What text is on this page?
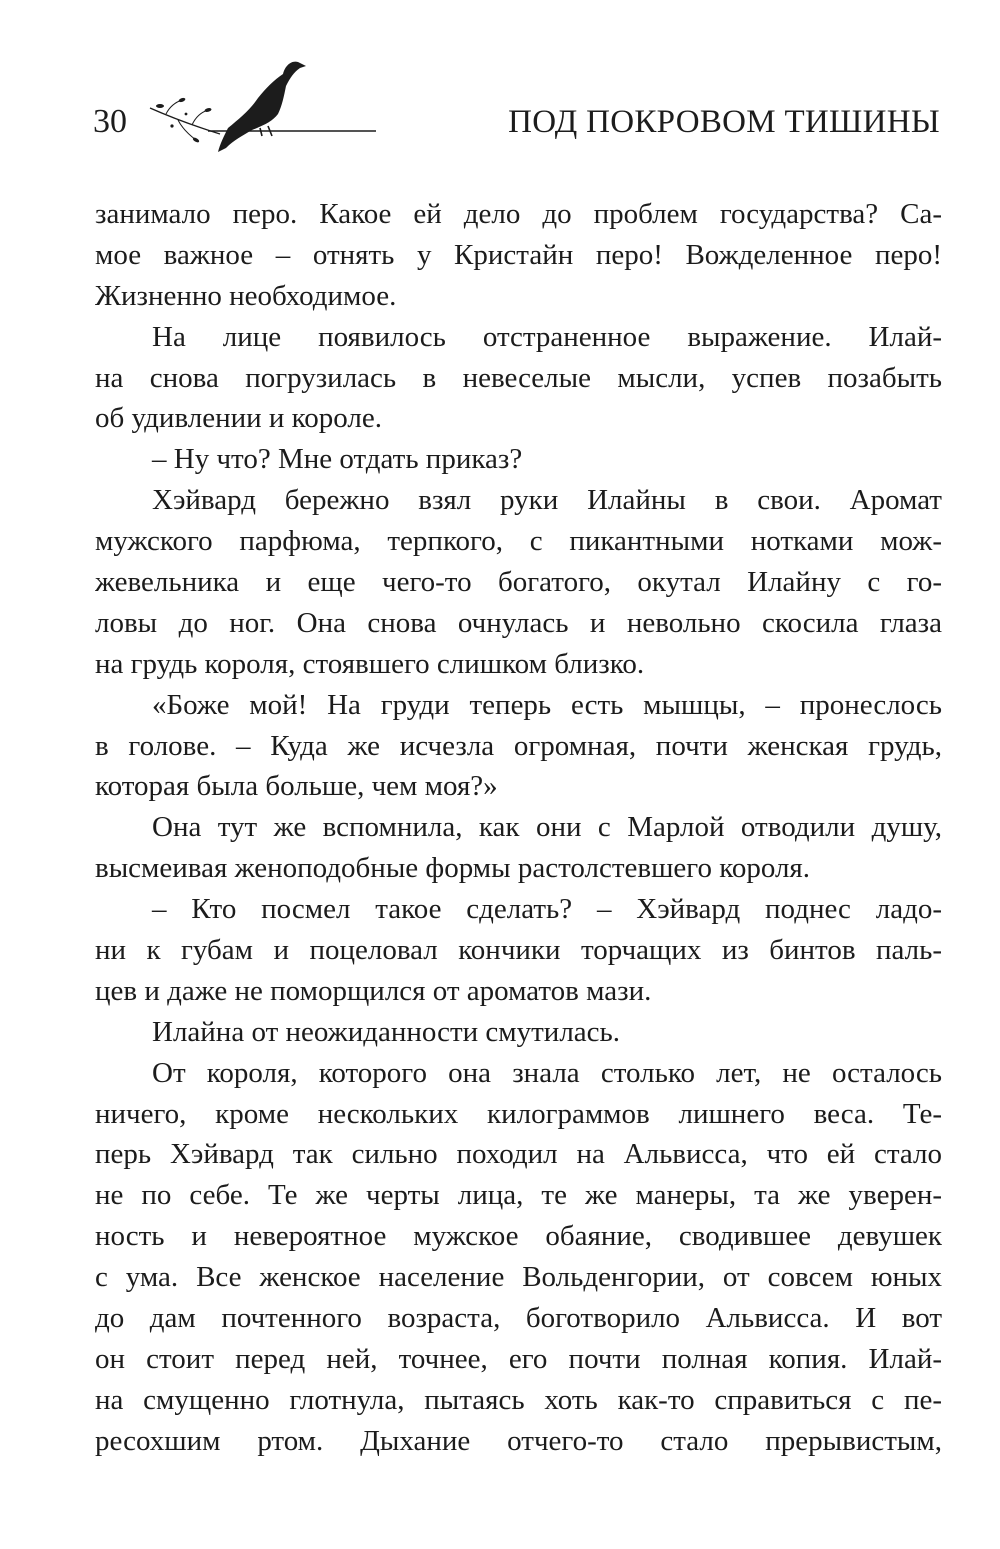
30	ПОД ПОКРОВОМ ТИШИНЫ

занимало перо. Какое ей дело до проблем государства? Са-
мое важное – отнять у Кристайн перо! Вожделенное перо!
Жизненно необходимое.
На лице появилось отстраненное выражение. Илай-
на снова погрузилась в невеселые мысли, успев позабыть
об удивлении и короле.
– Ну что? Мне отдать приказ?
Хэйвард бережно взял руки Илайны в свои. Аромат
мужского парфюма, терпкого, с пикантными нотками мож-
жевельника и еще чего-то богатого, окутал Илайну с го-
ловы до ног. Она снова очнулась и невольно скосила глаза
на грудь короля, стоявшего слишком близко.
«Боже мой! На груди теперь есть мышцы, – пронеслось
в голове. – Куда же исчезла огромная, почти женская грудь,
которая была больше, чем моя?»
Она тут же вспомнила, как они с Марлой отводили душу,
высмеивая женоподобные формы растолстевшего короля.
– Кто посмел такое сделать? – Хэйвард поднес ладо-
ни к губам и поцеловал кончики торчащих из бинтов паль-
цев и даже не поморщился от ароматов мази.
Илайна от неожиданности смутилась.
От короля, которого она знала столько лет, не осталось
ничего, кроме нескольких килограммов лишнего веса. Те-
перь Хэйвард так сильно походил на Альвисса, что ей стало
не по себе. Те же черты лица, те же манеры, та же уверен-
ность и невероятное мужское обаяние, сводившее девушек
с ума. Все женское население Вольденгории, от совсем юных
до дам почтенного возраста, боготворило Альвисса. И вот
он стоит перед ней, точнее, его почти полная копия. Илай-
на смущенно глотнула, пытаясь хоть как-то справиться с пе-
ресохшим ртом. Дыхание отчего-то стало прерывистым,
